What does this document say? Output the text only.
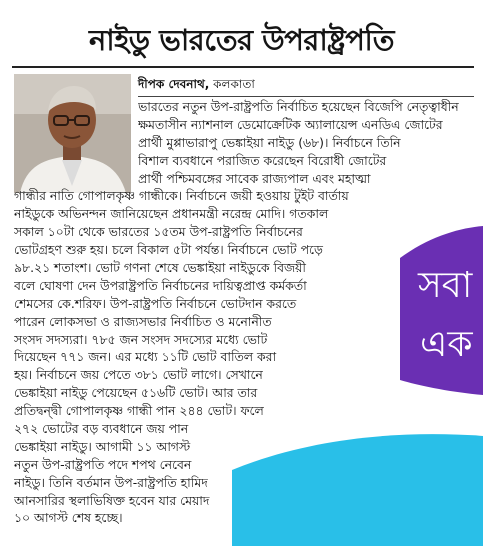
সবা
এক
নাইডু ভারতের উপরাষ্ট্রপতি
দীপক দেবনাথ, কলকাতা
ভারতের নতুন উপ-রাষ্ট্রপতি নির্বাচিত হয়েছেন বিজেপি নেতৃত্বাধীন
ক্ষমতাসীন ন্যাশনাল ডেমোক্রেটিক অ্যালায়েন্স এনডিএ জোটের
প্রার্থী মুপ্পাভারাপু ভেঙ্কাইয়া নাইডু (৬৮)। নির্বাচনে তিনি
বিশাল ব্যবধানে পরাজিত করেছেন বিরোধী জোটের
প্রার্থী পশ্চিমবঙ্গের সাবেক রাজ্যপাল এবং মহাত্মা
গান্ধীর নাতি গোপালকৃষ্ণ গান্ধীকে। নির্বাচনে জয়ী হওয়ায় টুইট বার্তায়
নাইডুকে অভিনন্দন জানিয়েছেন প্রধানমন্ত্রী নরেন্দ্র মোদি। গতকাল
সকাল ১০টা থেকে ভারতের ১৫তম উপ-রাষ্ট্রপতি নির্বাচনের
ভোটগ্রহণ শুরু হয়। চলে বিকাল ৫টা পর্যন্ত। নির্বাচনে ভোট পড়ে
৯৮.২১ শতাংশ। ভোট গণনা শেষে ভেঙ্কাইয়া নাইডুকে বিজয়ী
বলে ঘোষণা দেন উপরাষ্ট্রপতি নির্বাচনের দায়িত্বপ্রাপ্ত কর্মকর্তা
শেমসের কে.শরিফ। উপ-রাষ্ট্রপতি নির্বাচনে ভোটদান করতে
পারেন লোকসভা ও রাজ্যসভার নির্বাচিত ও মনোনীত
সংসদ সদস্যরা। ৭৮৫ জন সংসদ সদস্যের মধ্যে ভোট
দিয়েছেন ৭৭১ জন। এর মধ্যে ১১টি ভোট বাতিল করা
হয়। নির্বাচনে জয় পেতে ৩৮১ ভোট লাগে। সেখানে
ভেঙ্কাইয়া নাইডু পেয়েছেন ৫১৬টি ভোট। আর তার
প্রতিদ্বন্দ্বী গোপালকৃষ্ণ গান্ধী পান ২৪৪ ভোট। ফলে
২৭২ ভোটের বড় ব্যবধানে জয় পান
ভেঙ্কাইয়া নাইডু। আগামী ১১ আগস্ট
নতুন উপ-রাষ্ট্রপতি পদে শপথ নেবেন
নাইডু। তিনি বর্তমান উপ-রাষ্ট্রপতি হামিদ
আনসারির স্থলাভিষিক্ত হবেন যার মেয়াদ
১০ আগস্ট শেষ হচ্ছে।
